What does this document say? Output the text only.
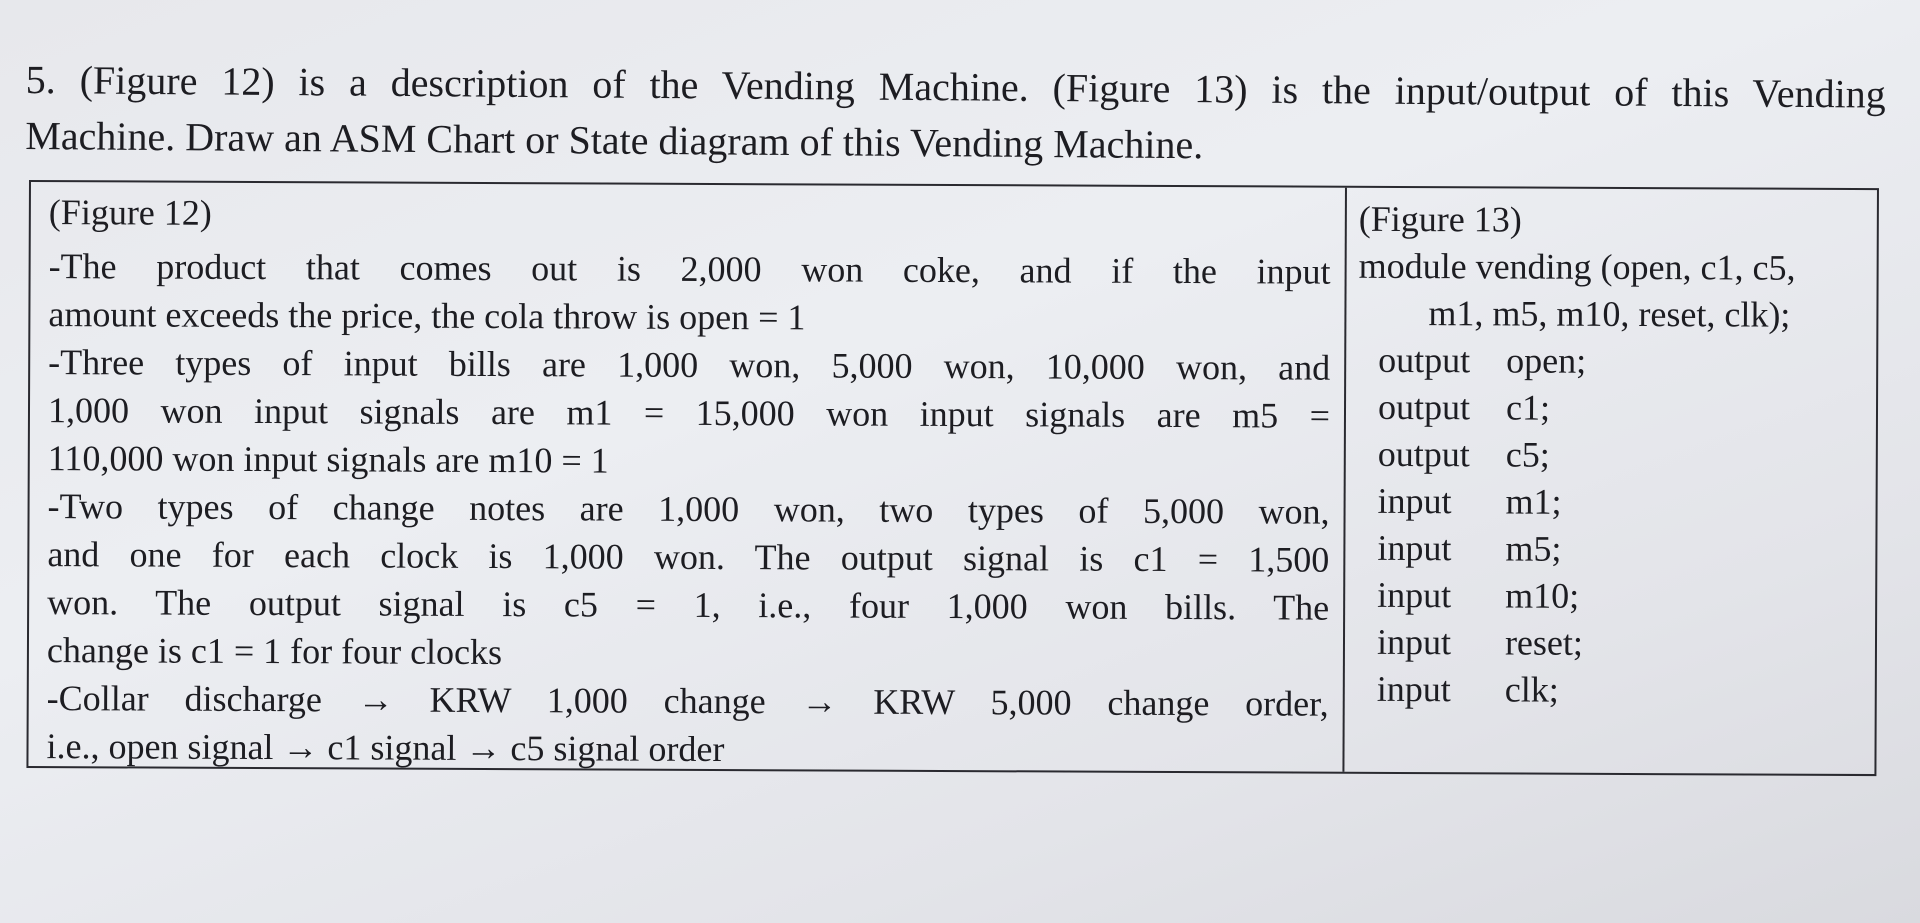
5. (Figure 12) is a description of the Vending Machine. (Figure 13) is the input/output of this Vending
Machine. Draw an ASM Chart or State diagram of this Vending Machine.
(Figure 12)
-The product that comes out is 2,000 won coke, and if the input
amount exceeds the price, the cola throw is open = 1
-Three types of input bills are 1,000 won, 5,000 won, 10,000 won, and
1,000 won input signals are m1 = 15,000 won input signals are m5 =
110,000 won input signals are m10 = 1
-Two types of change notes are 1,000 won, two types of 5,000 won,
and one for each clock is 1,000 won. The output signal is c1 = 1,500
won. The output signal is c5 = 1, i.e., four 1,000 won bills. The
change is c1 = 1 for four clocks
-Collar discharge → KRW 1,000 change → KRW 5,000 change order,
i.e., open signal → c1 signal → c5 signal order
(Figure 13)
module vending (open, c1, c5,
m1, m5, m10, reset, clk);
output open;
output c1;
output c5;
input m1;
input m5;
input m10;
input reset;
input clk;
